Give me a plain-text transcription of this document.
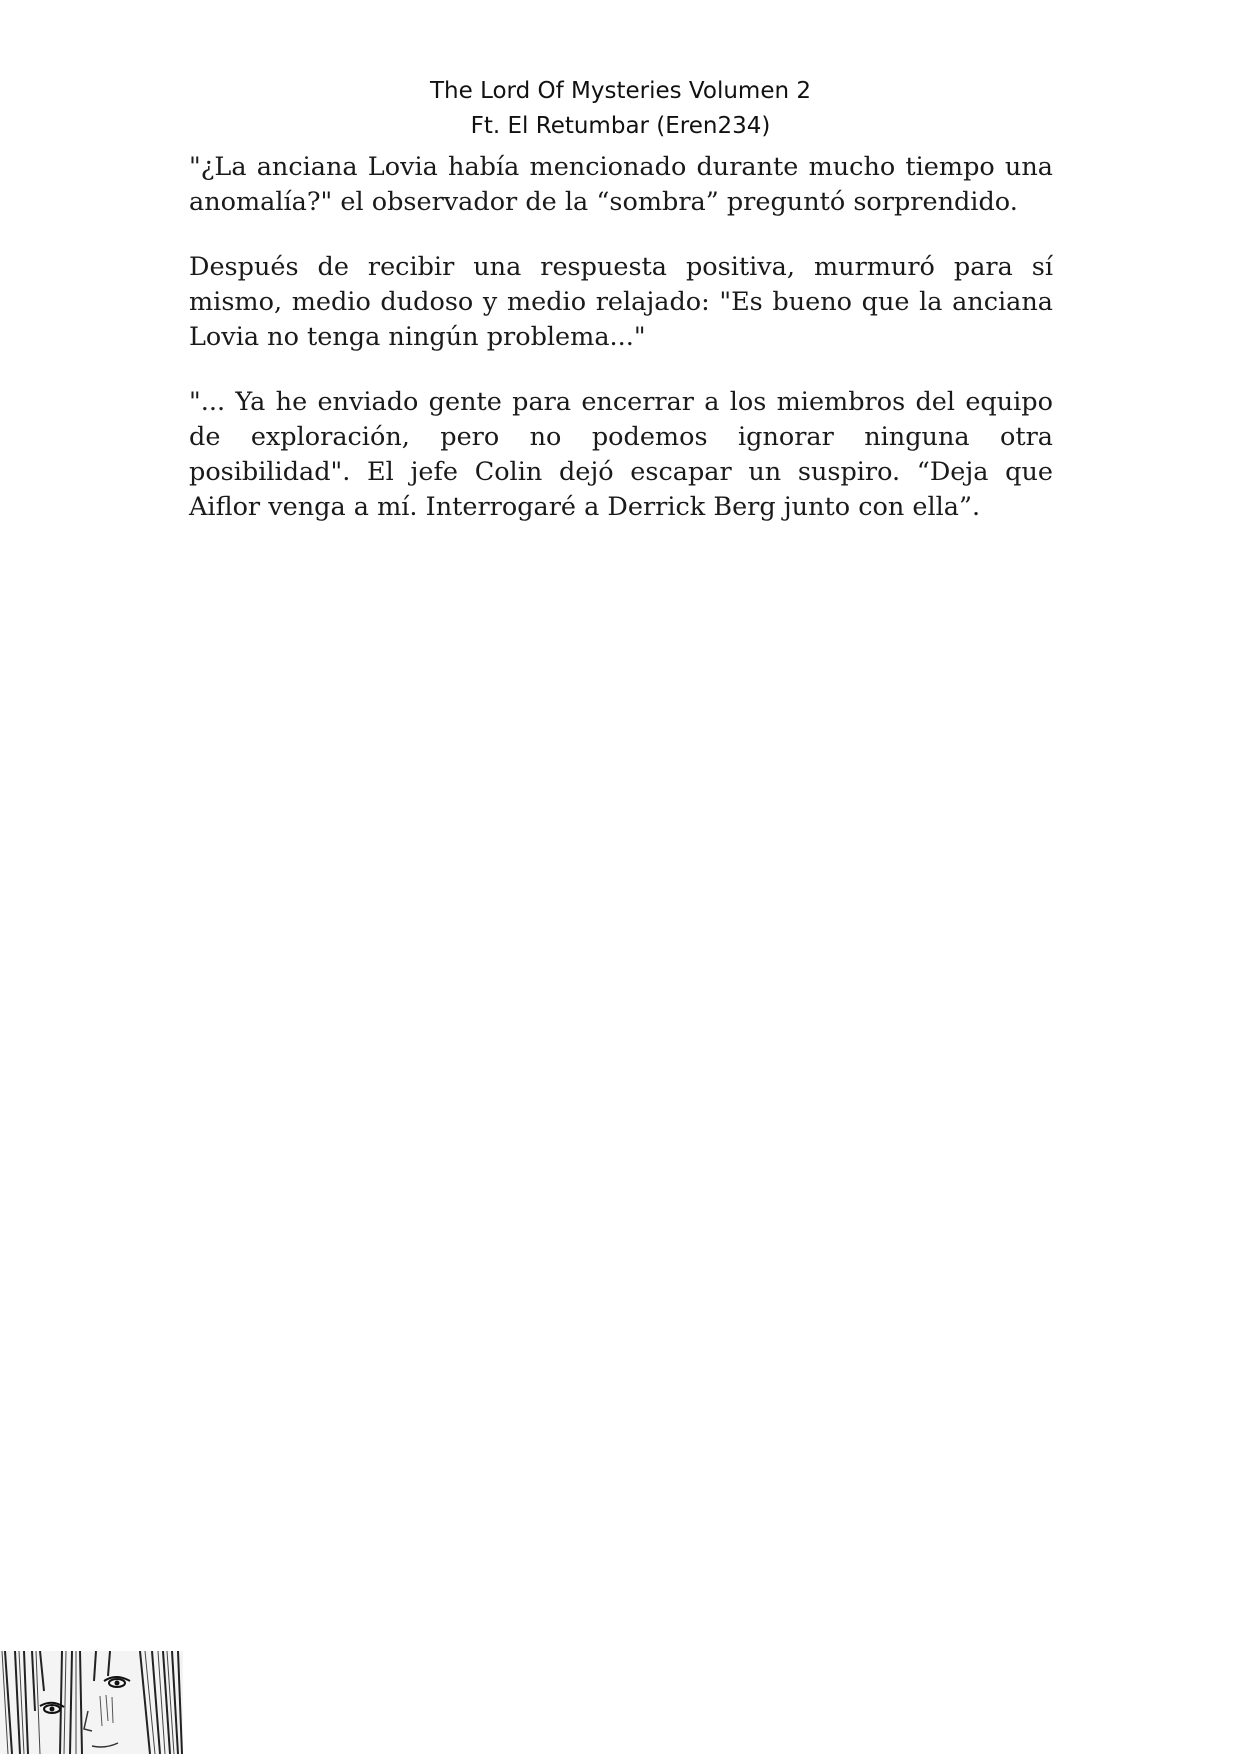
The Lord Of Mysteries Volumen 2
Ft. El Retumbar (Eren234)

"¿La anciana Lovia había mencionado durante mucho tiempo una anomalía?" el observador de la “sombra” preguntó sorprendido.

Después de recibir una respuesta positiva, murmuró para sí mismo, medio dudoso y medio relajado: "Es bueno que la anciana Lovia no tenga ningún problema..."

"... Ya he enviado gente para encerrar a los miembros del equipo de exploración, pero no podemos ignorar ninguna otra posibilidad". El jefe Colin dejó escapar un suspiro. “Deja que Aiflor venga a mí. Interrogaré a Derrick Berg junto con ella”.
